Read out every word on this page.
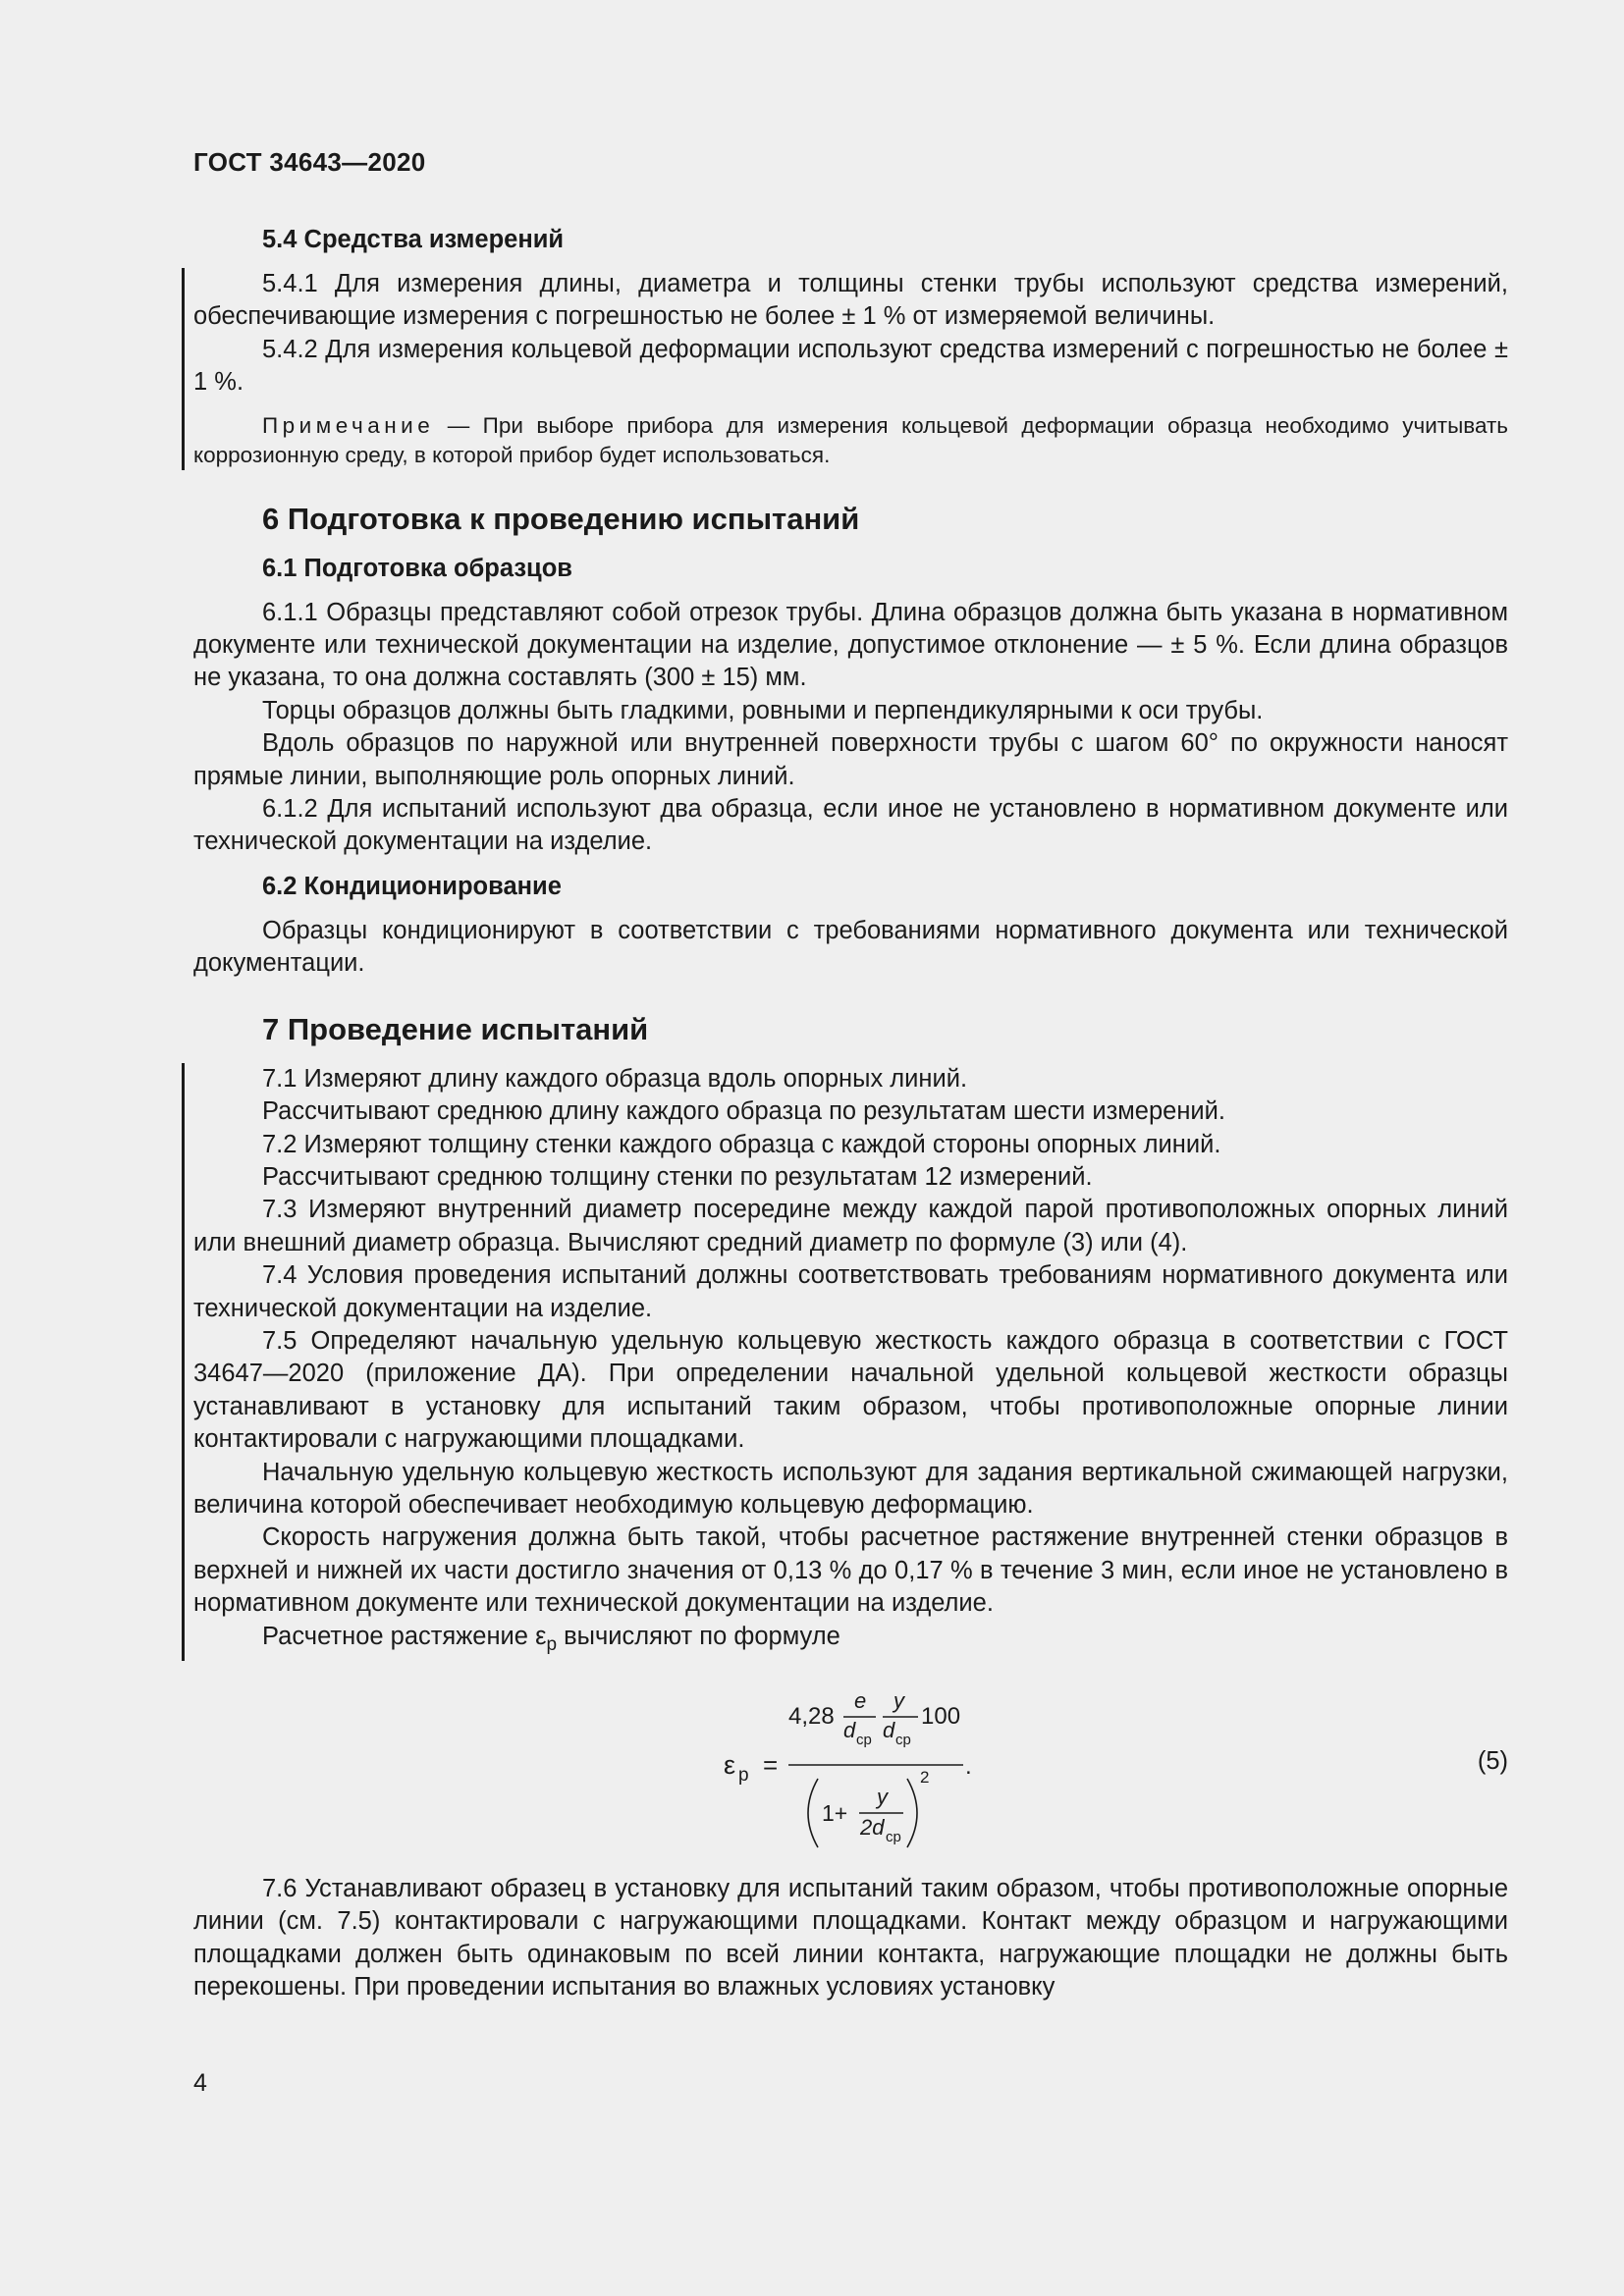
ГОСТ 34643—2020
5.4 Средства измерений

5.4.1 Для измерения длины, диаметра и толщины стенки трубы используют средства измерений, обеспечивающие измерения с погрешностью не более ± 1 % от измеряемой величины.

5.4.2 Для измерения кольцевой деформации используют средства измерений с погрешностью не более ± 1 %.

Примечание — При выборе прибора для измерения кольцевой деформации образца необходимо учитывать коррозионную среду, в которой прибор будет использоваться.
6 Подготовка к проведению испытаний
6.1 Подготовка образцов

6.1.1 Образцы представляют собой отрезок трубы. Длина образцов должна быть указана в нормативном документе или технической документации на изделие, допустимое отклонение — ± 5 %. Если длина образцов не указана, то она должна составлять (300 ± 15) мм.

Торцы образцов должны быть гладкими, ровными и перпендикулярными к оси трубы.

Вдоль образцов по наружной или внутренней поверхности трубы с шагом 60° по окружности наносят прямые линии, выполняющие роль опорных линий.

6.1.2 Для испытаний используют два образца, если иное не установлено в нормативном документе или технической документации на изделие.

6.2 Кондиционирование

Образцы кондиционируют в соответствии с требованиями нормативного документа или технической документации.

7 Проведение испытаний

7.1 Измеряют длину каждого образца вдоль опорных линий.

Рассчитывают среднюю длину каждого образца по результатам шести измерений.

7.2 Измеряют толщину стенки каждого образца с каждой стороны опорных линий.

Рассчитывают среднюю толщину стенки по результатам 12 измерений.

7.3 Измеряют внутренний диаметр посередине между каждой парой противоположных опорных линий или внешний диаметр образца. Вычисляют средний диаметр по формуле (3) или (4).

7.4 Условия проведения испытаний должны соответствовать требованиям нормативного документа или технической документации на изделие.

7.5 Определяют начальную удельную кольцевую жесткость каждого образца в соответствии с ГОСТ 34647—2020 (приложение ДА). При определении начальной удельной кольцевой жесткости образцы устанавливают в установку для испытаний таким образом, чтобы противоположные опорные линии контактировали с нагружающими площадками.

Начальную удельную кольцевую жесткость используют для задания вертикальной сжимающей нагрузки, величина которой обеспечивает необходимую кольцевую деформацию.

Скорость нагружения должна быть такой, чтобы расчетное растяжение внутренней стенки образцов в верхней и нижней их части достигло значения от 0,13 % до 0,17 % в течение 3 мин, если иное не установлено в нормативном документе или технической документации на изделие.

Расчетное растяжение $\varepsilon_р$ вычисляют по формуле

ε р =
4,28
e
d ср
y
d ср
100
.
1+
y
2d ср
2
(5)

7.6 Устанавливают образец в установку для испытаний таким образом, чтобы противоположные опорные линии (см. 7.5) контактировали с нагружающими площадками. Контакт между образцом и нагружающими площадками должен быть одинаковым по всей линии контакта, нагружающие площадки не должны быть перекошены. При проведении испытания во влажных условиях установку

4
